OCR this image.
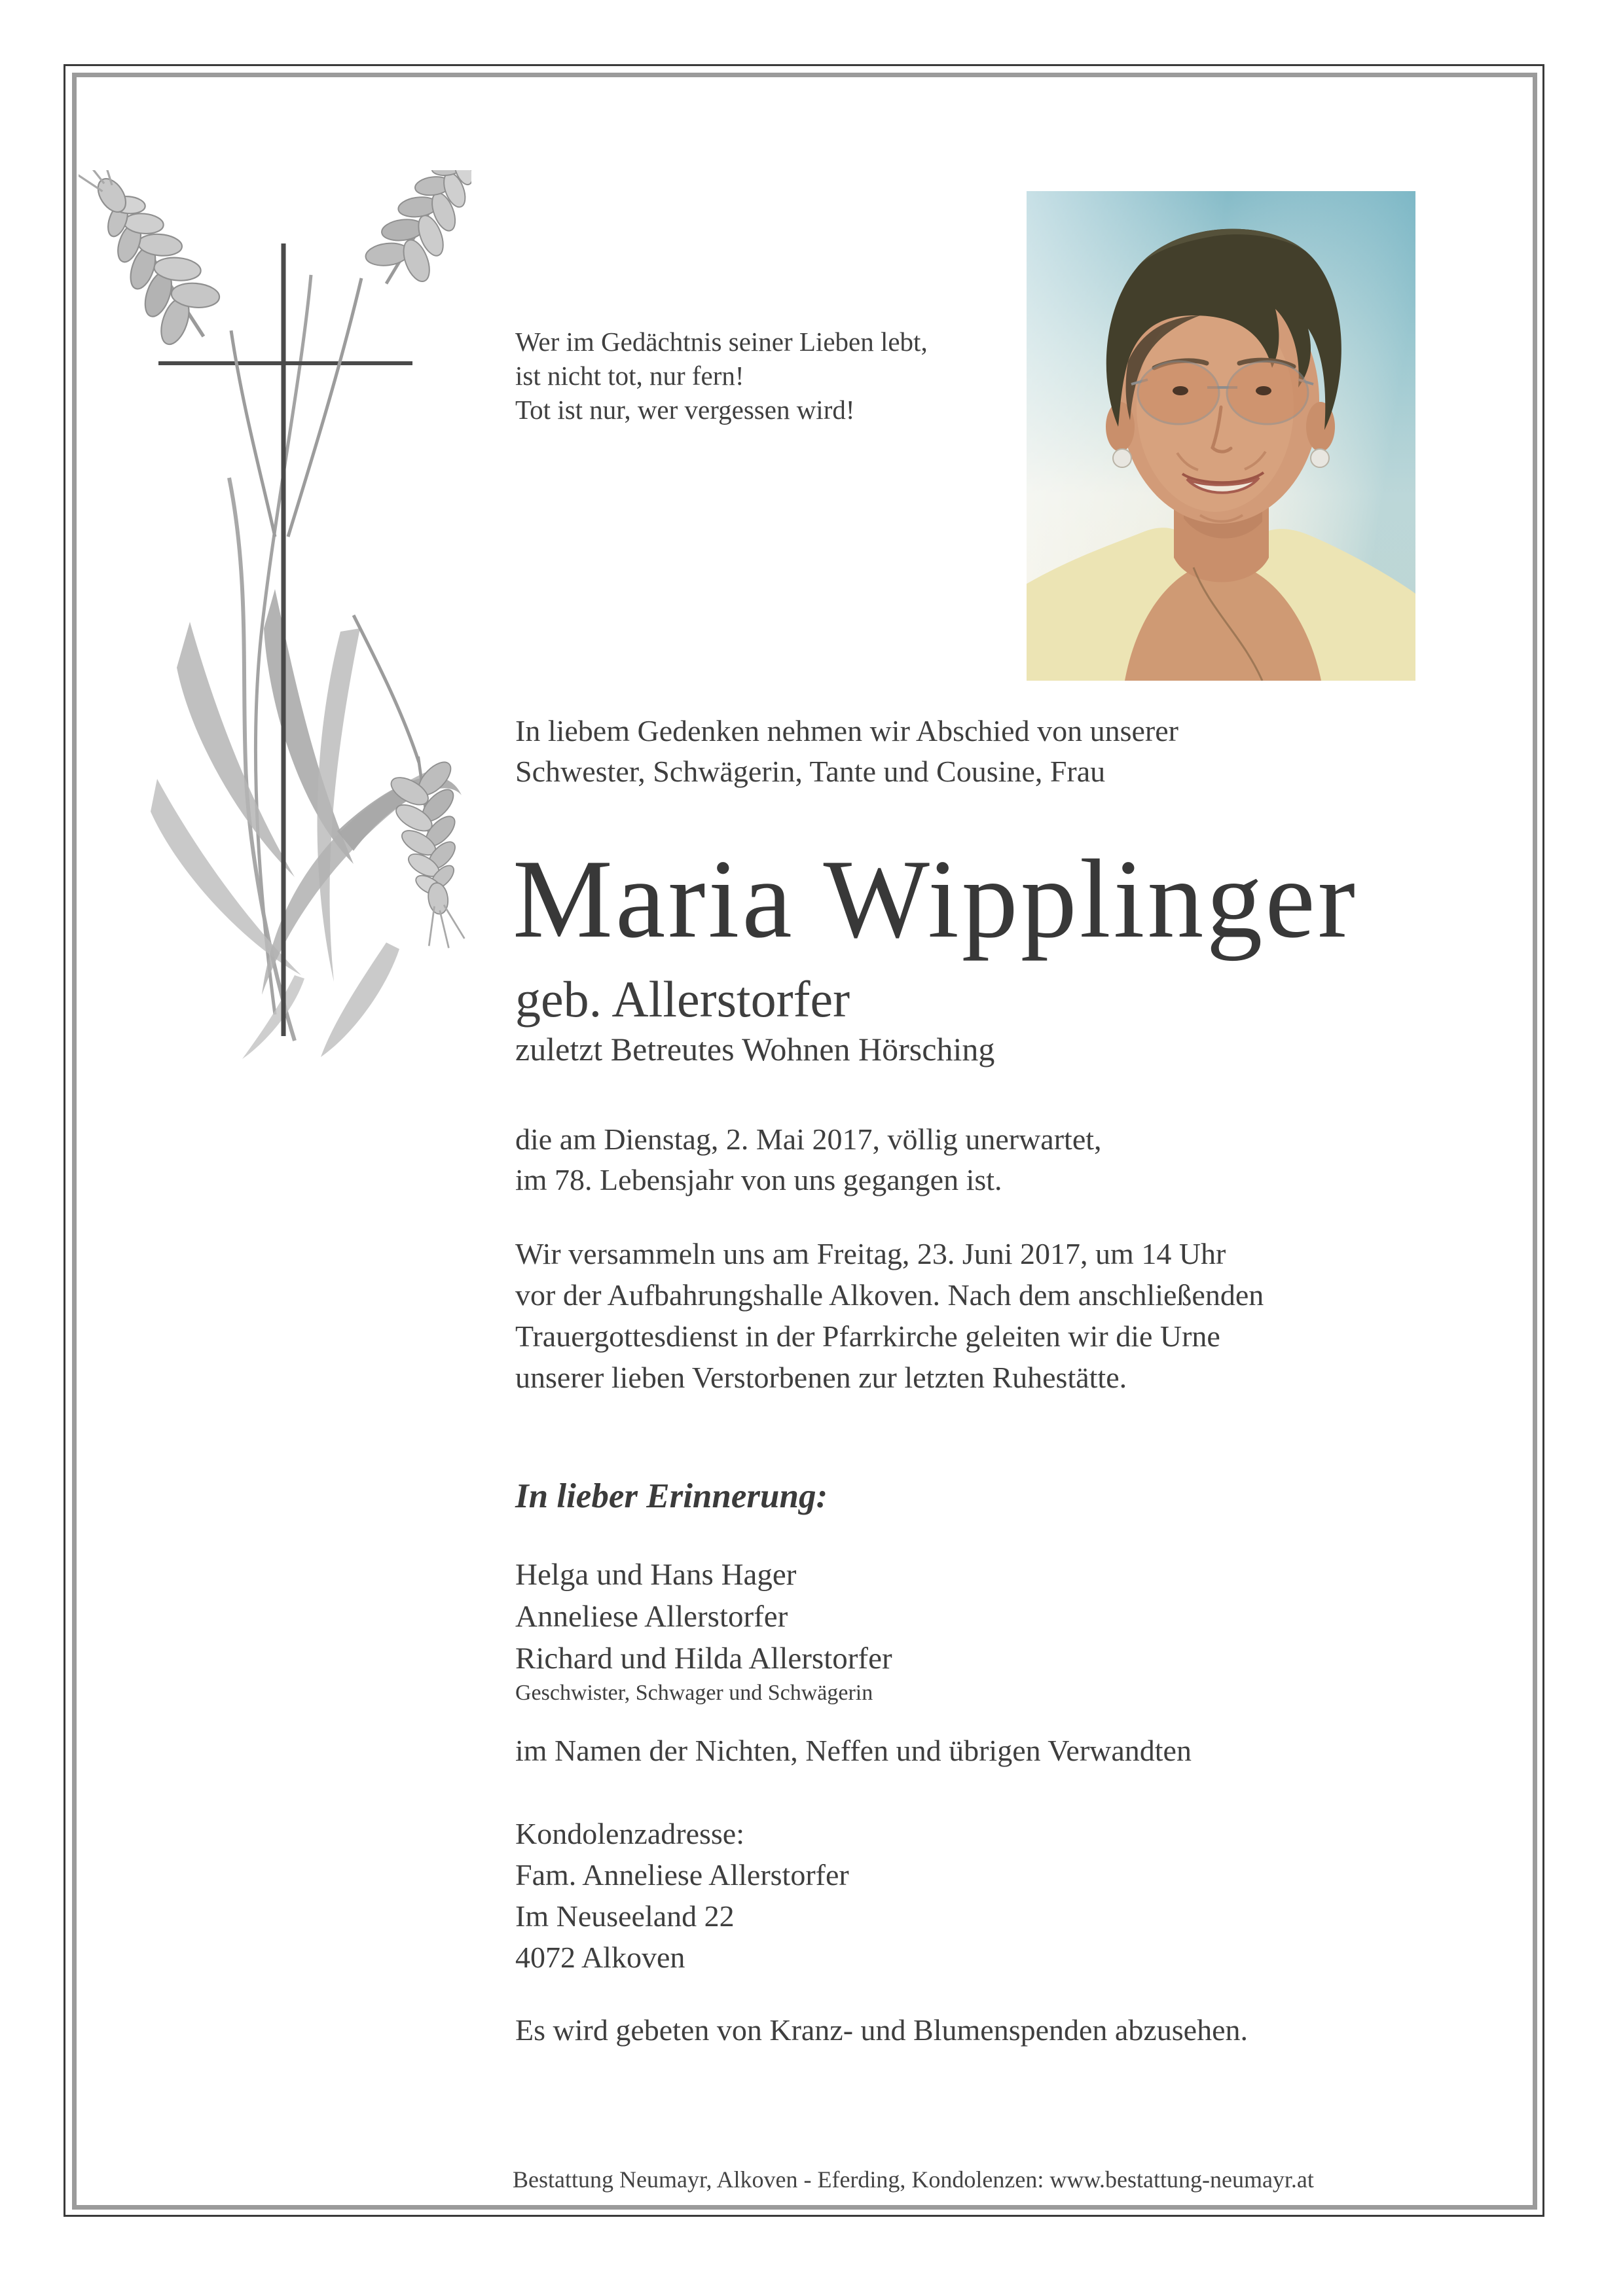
Wer im Gedächtnis seiner Lieben lebt,
ist nicht tot, nur fern!
Tot ist nur, wer vergessen wird!
In liebem Gedenken nehmen wir Abschied von unserer
Schwester, Schwägerin, Tante und Cousine, Frau
Maria Wipplinger
geb. Allerstorfer
zuletzt Betreutes Wohnen Hörsching
die am Dienstag, 2. Mai 2017, völlig unerwartet,
im 78. Lebensjahr von uns gegangen ist.
Wir versammeln uns am Freitag, 23. Juni 2017, um 14 Uhr
vor der Aufbahrungshalle Alkoven. Nach dem anschließenden
Trauergottesdienst in der Pfarrkirche geleiten wir die Urne
unserer lieben Verstorbenen zur letzten Ruhestätte.
In lieber Erinnerung:
Helga und Hans Hager
Anneliese Allerstorfer
Richard und Hilda Allerstorfer
Geschwister, Schwager und Schwägerin
im Namen der Nichten, Neffen und übrigen Verwandten
Kondolenzadresse:
Fam. Anneliese Allerstorfer
Im Neuseeland 22
4072 Alkoven
Es wird gebeten von Kranz- und Blumenspenden abzusehen.
Bestattung Neumayr, Alkoven - Eferding, Kondolenzen: www.bestattung-neumayr.at
